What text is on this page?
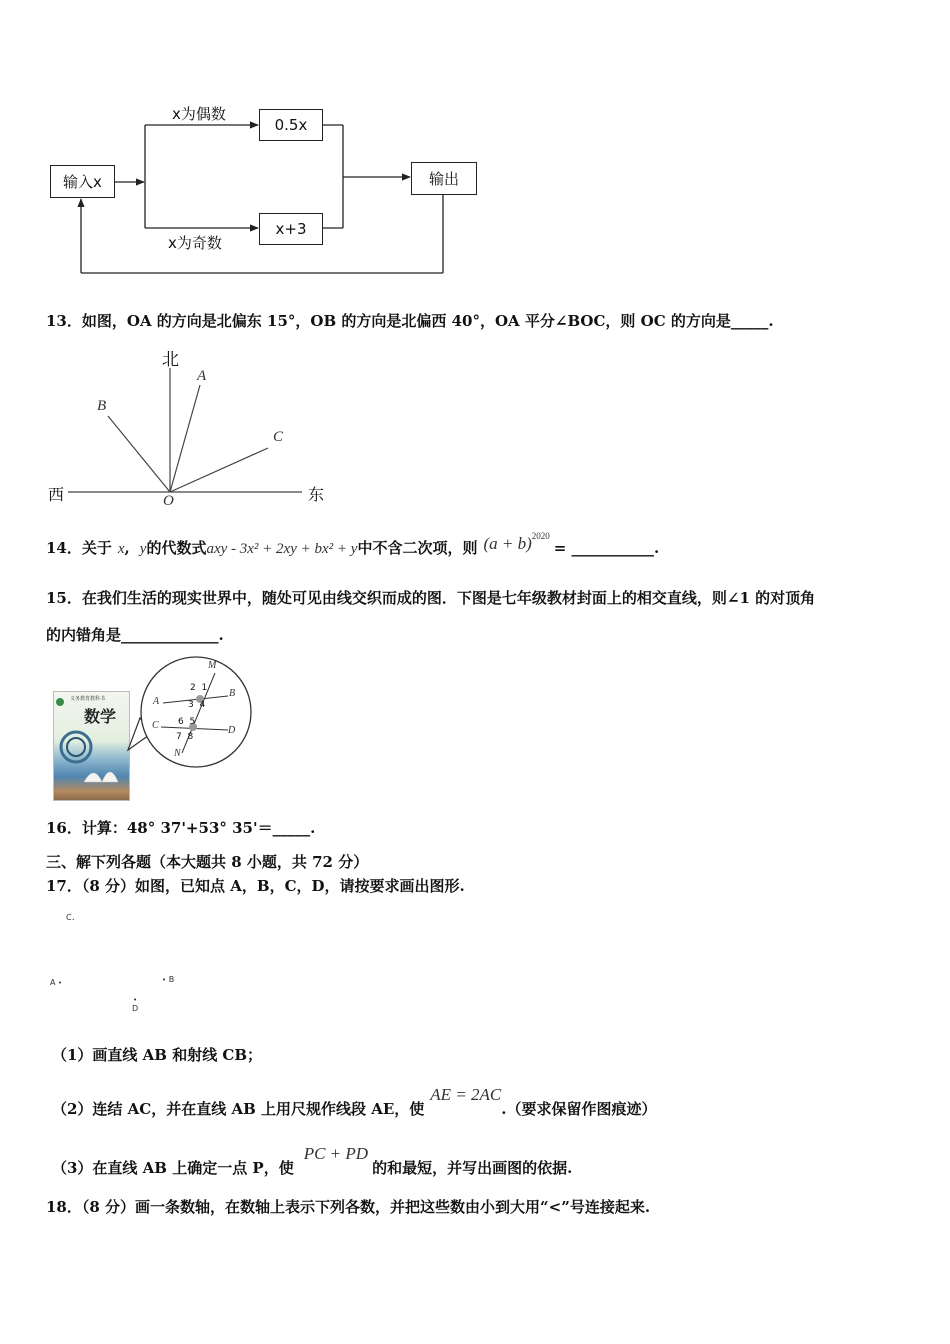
输入x
0.5x
x+3
输出
x为偶数
x为奇数
13．如图，OA 的方向是北偏东 15°，OB 的方向是北偏西 40°，OA 平分∠BOC，则 OC 的方向是_____.
北
西	东
A
B
C
O
14．关于 x , y 的代数式 axy - 3x² + 2xy + bx² + y 中不含二次项，则 (a + b) 2020
= ___________.
15．在我们生活的现实世界中，随处可见由线交织而成的图．下图是七年级教材封面上的相交直线，则∠1 的对顶角
的内错角是_____________.
义务教育教科书
数学
M
A
B
C	D
N
2  1
3  4
6  5
7  8
16．计算：48° 37'+53° 35'＝_____.
三、解下列各题（本大题共 8 小题，共 72 分）
17．（8 分）如图，已知点 A，B，C，D，请按要求画出图形.
C.
A •	• B
•
D
（1）画直线 AB 和射线 CB；
（2）连结 AC，并在直线 AB 上用尺规作线段 AE，使
AE = 2AC
.（要求保留作图痕迹）
（3）在直线 AB 上确定一点 P，使
PC + PD
的和最短，并写出画图的依据.
18．（8 分）画一条数轴，在数轴上表示下列各数，并把这些数由小到大用“<”号连接起来.
